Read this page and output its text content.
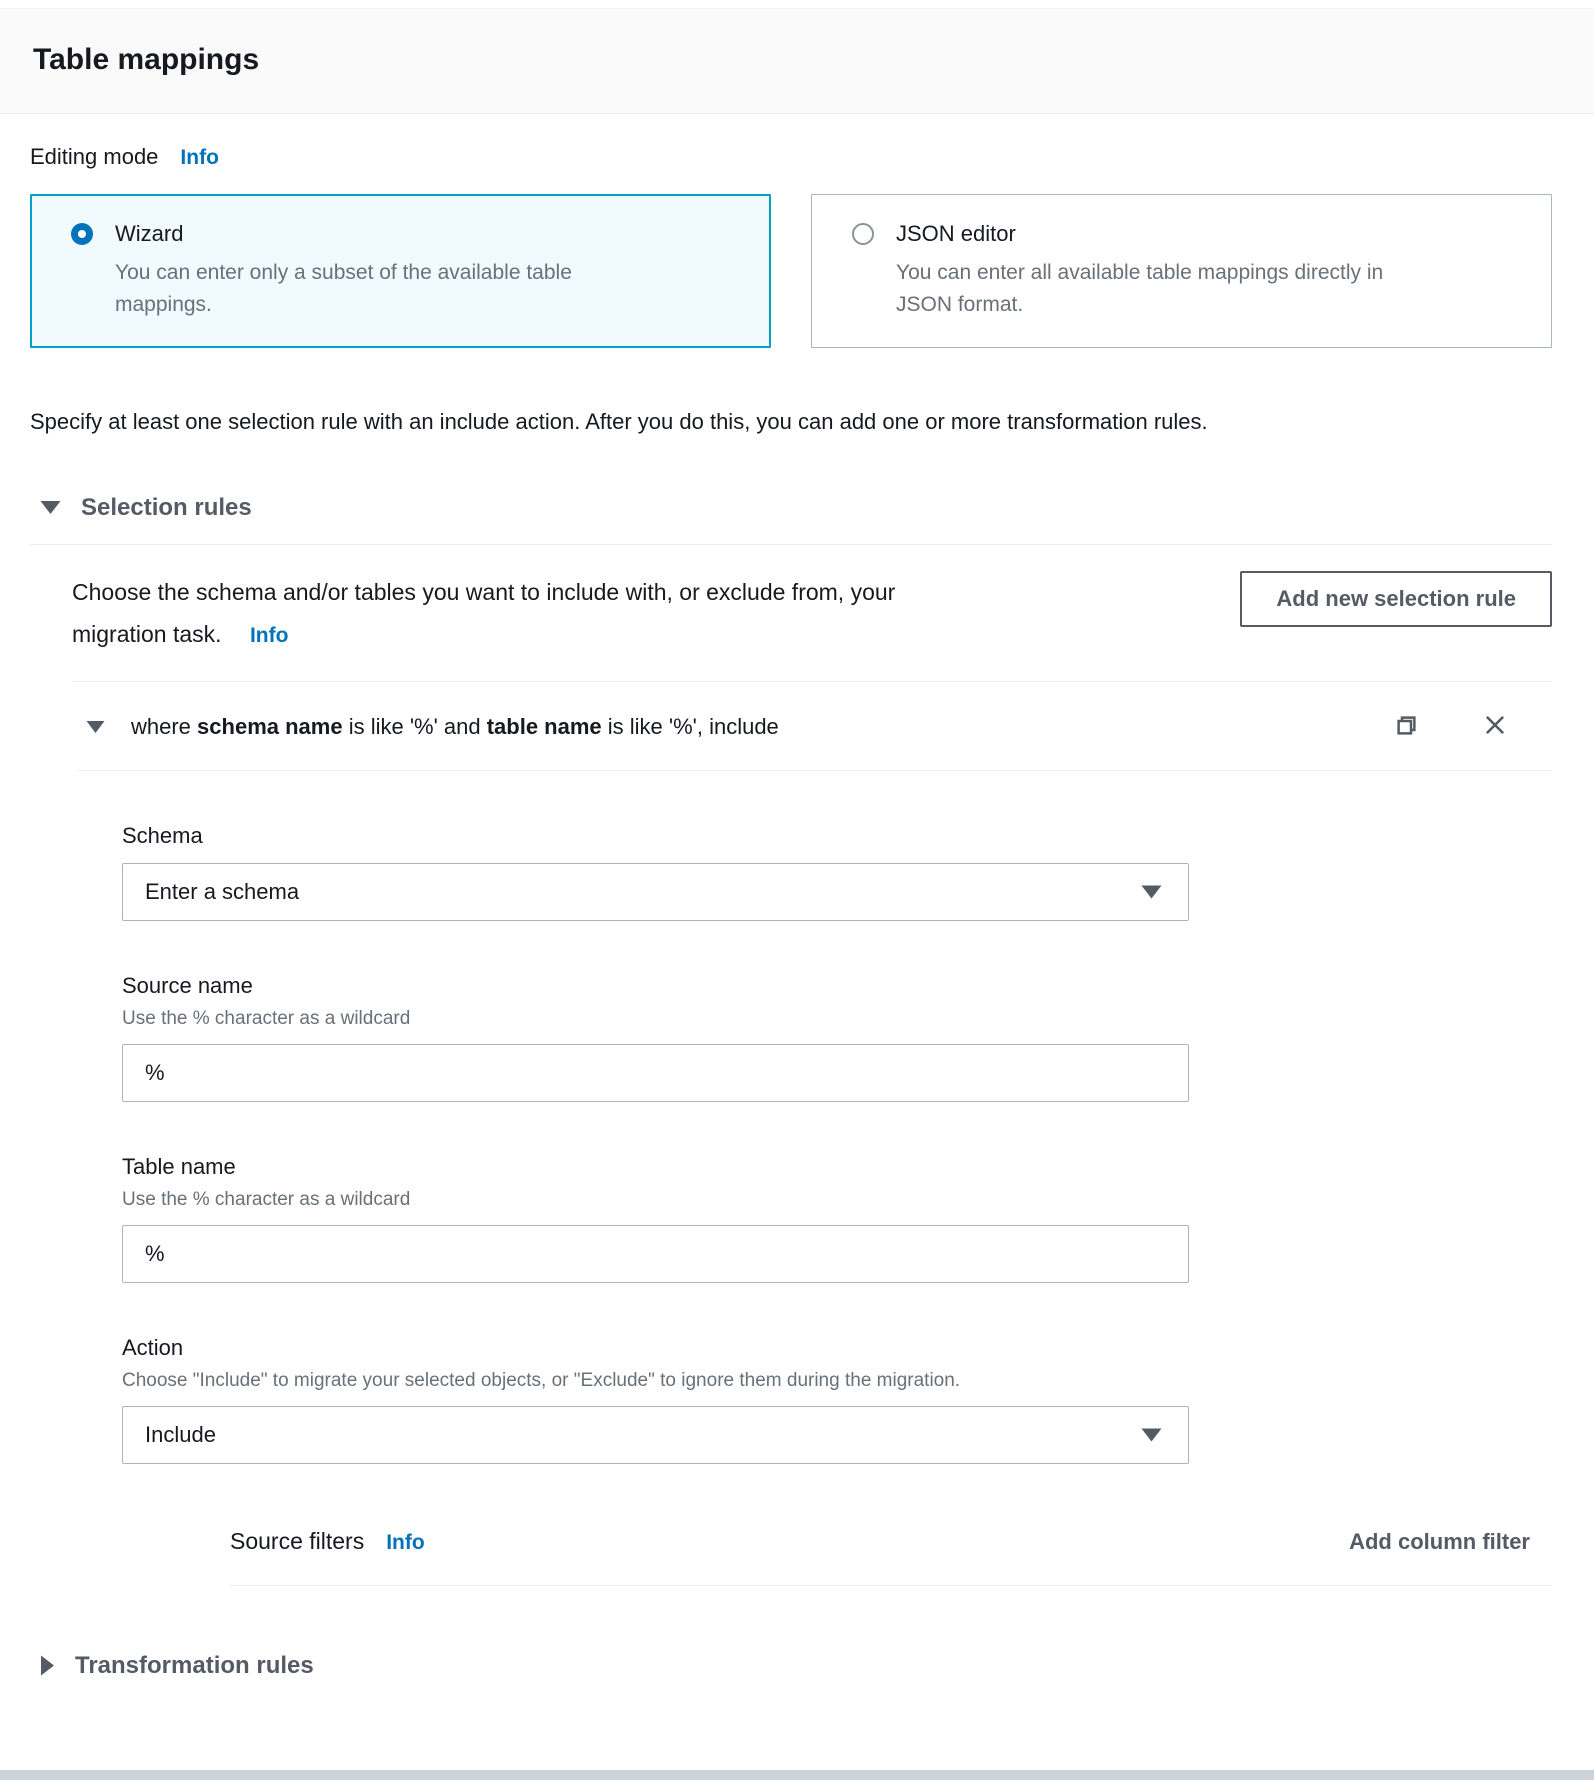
Table mappings
Editing mode Info
Wizard
You can enter only a subset of the available table mappings.
JSON editor
You can enter all available table mappings directly in JSON format.

Specify at least one selection rule with an include action. After you do this, you can add one or more transformation rules.

Selection rules
Choose the schema and/or tables you want to include with, or exclude from, your migration task. Info
Add new selection rule
where schema name is like '%' and table name is like '%', include
Schema
Enter a schema
Source name
Use the % character as a wildcard
%
Table name
Use the % character as a wildcard
%
Action
Choose "Include" to migrate your selected objects, or "Exclude" to ignore them during the migration.
Include
Source filters Info	Add column filter
Transformation rules
